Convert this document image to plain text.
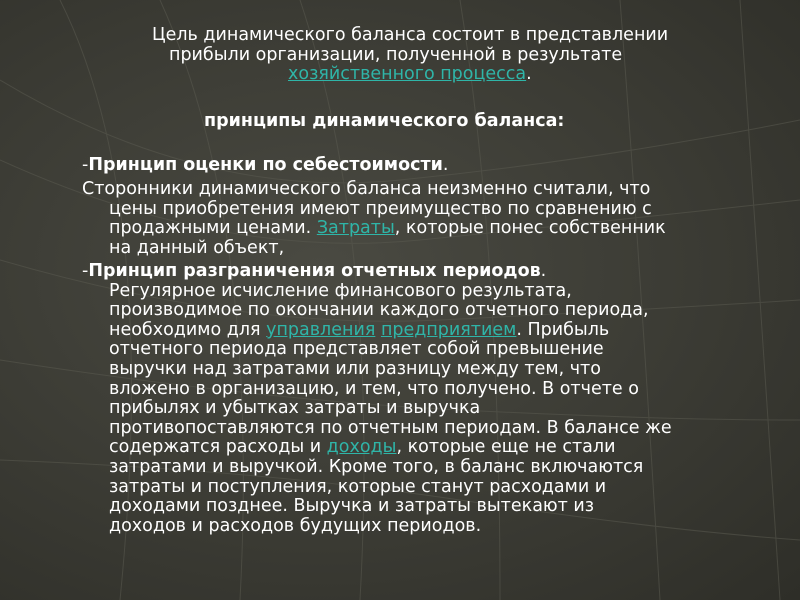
Цель динамического баланса состоит в представлении
прибыли организации, полученной в результате
хозяйственного процесса.
принципы динамического баланса:
-Принцип оценки по себестоимости.
Сторонники динамического баланса неизменно считали, что
цены приобретения имеют преимущество по сравнению с
продажными ценами. Затраты, которые понес собственник
на данный объект,
-Принцип разграничения отчетных периодов.
Регулярное исчисление финансового результата,
производимое по окончании каждого отчетного периода,
необходимо для управления предприятием. Прибыль
отчетного периода представляет собой превышение
выручки над затратами или разницу между тем, что
вложено в организацию, и тем, что получено. В отчете о
прибылях и убытках затраты и выручка
противопоставляются по отчетным периодам. В балансе же
содержатся расходы и доходы, которые еще не стали
затратами и выручкой. Кроме того, в баланс включаются
затраты и поступления, которые станут расходами и
доходами позднее. Выручка и затраты вытекают из
доходов и расходов будущих периодов.
